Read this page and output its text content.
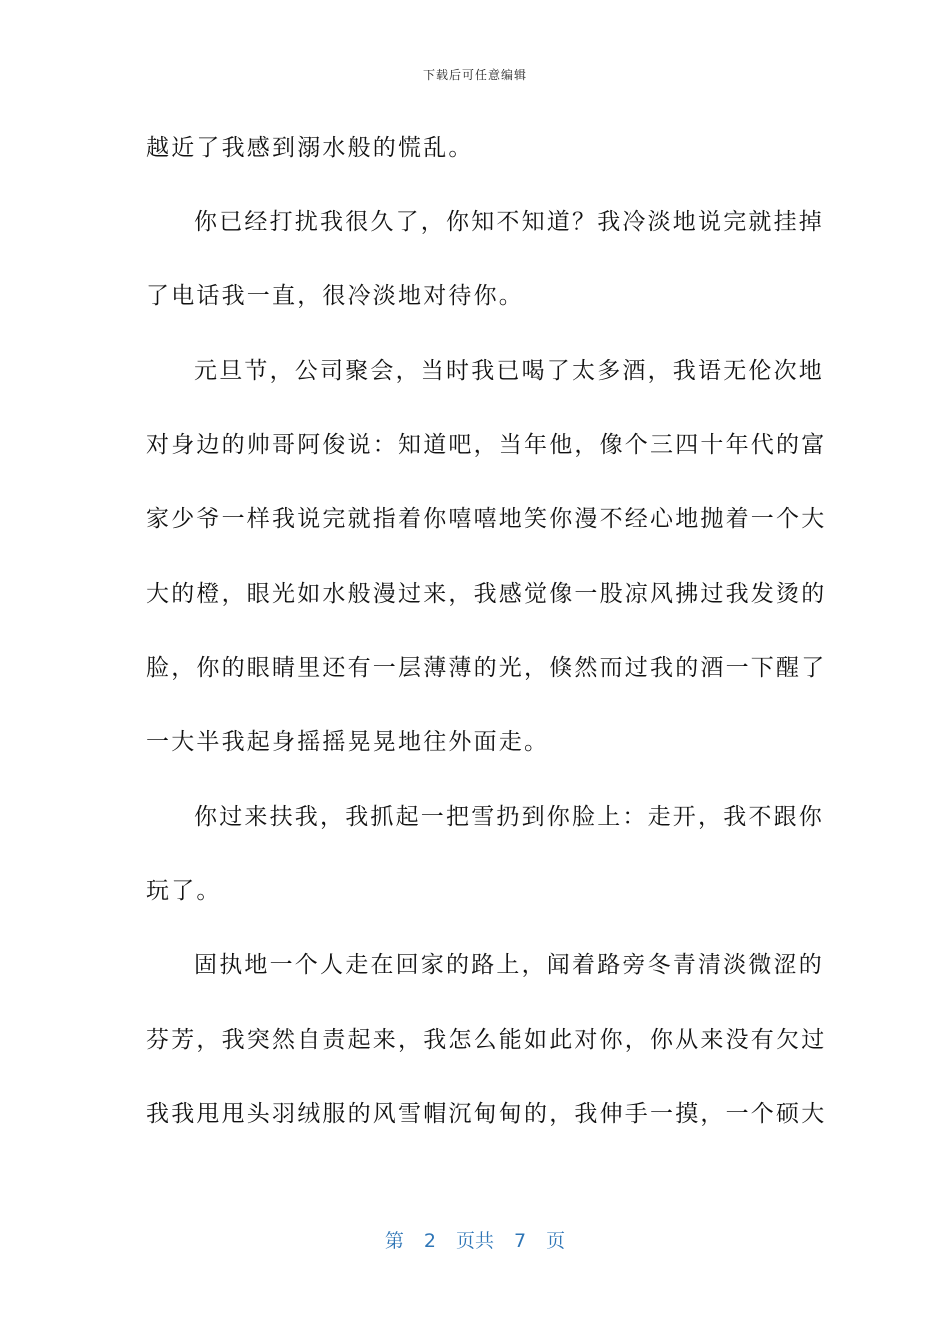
下载后可任意编辑
越近了我感到溺水般的慌乱。
你已经打扰我很久了，你知不知道？我冷淡地说完就挂掉
了电话我一直，很冷淡地对待你。
元旦节，公司聚会，当时我已喝了太多酒，我语无伦次地
对身边的帅哥阿俊说：知道吧，当年他，像个三四十年代的富
家少爷一样我说完就指着你嘻嘻地笑你漫不经心地抛着一个大
大的橙，眼光如水般漫过来，我感觉像一股凉风拂过我发烫的
脸，你的眼睛里还有一层薄薄的光，倏然而过我的酒一下醒了
一大半我起身摇摇晃晃地往外面走。
你过来扶我，我抓起一把雪扔到你脸上：走开，我不跟你
玩了。
固执地一个人走在回家的路上，闻着路旁冬青清淡微涩的
芬芳，我突然自责起来，我怎么能如此对你，你从来没有欠过
我我甩甩头羽绒服的风雪帽沉甸甸的，我伸手一摸，一个硕大
第 2 页共 7 页
